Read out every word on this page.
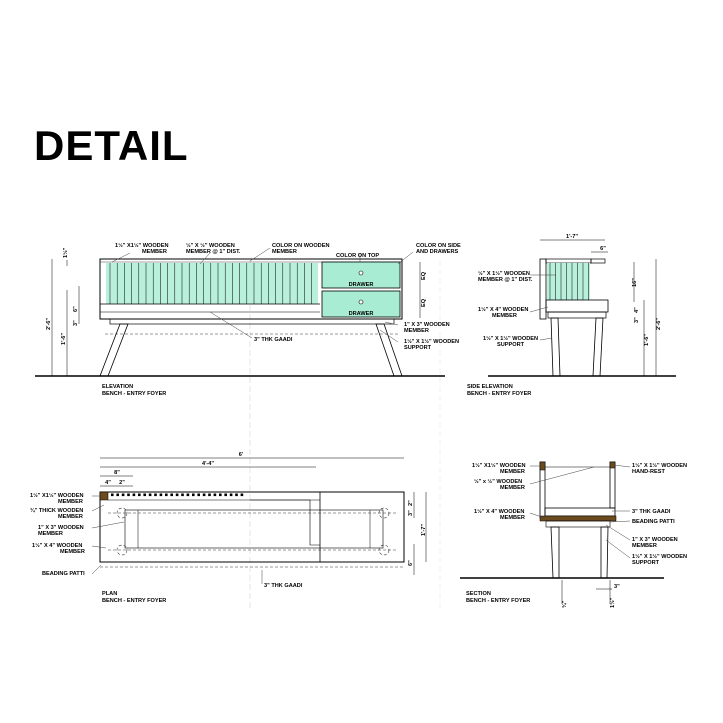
DETAIL
DRAWER
DRAWER
1½"
2'-6"
1'-6"
3"
6"
EQ
EQ
1½" X1½" WOODEN
MEMBER
½" X ½" WOODEN
MEMBER @ 1" DIST.
COLOR ON WOODEN
MEMBER
COLOR ON TOP
COLOR ON SIDE
AND DRAWERS
1" X 3" WOODEN
MEMBER
1½" X 1½" WOODEN
SUPPORT
3" THK GAADI
ELEVATION
BENCH - ENTRY FOYER
1'-7"
6"
16"
4"
3"
1'-6"
2'-6"
½" X 1½" WOODEN
MEMBER @ 1" DIST.
1½" X 4" WOODEN
MEMBER
1½" X 1½" WOODEN
SUPPORT
SIDE ELEVATION
BENCH - ENTRY FOYER
6'
4'-4"
8"
4" 2"
2"
3"
1'-7"
6"
1½" X1½" WOODEN
MEMBER
¾" THICK WOODEN
MEMBER
1" X 3" WOODEN
MEMBER
1½" X 4" WOODEN
MEMBER
BEADING PATTI
3" THK GAADI
PLAN
BENCH - ENTRY FOYER
3"
¾"	1½"
1½" X1½" WOODEN
MEMBER
½" x ½" WOODEN
MEMBER
1½" X 4" WOODEN
MEMBER
1½" X 1½" WOODEN
HAND-REST
3" THK GAADI
BEADING PATTI
1" X 3" WOODEN
MEMBER
1½" X 1½" WOODEN
SUPPORT
SECTION
BENCH - ENTRY FOYER
